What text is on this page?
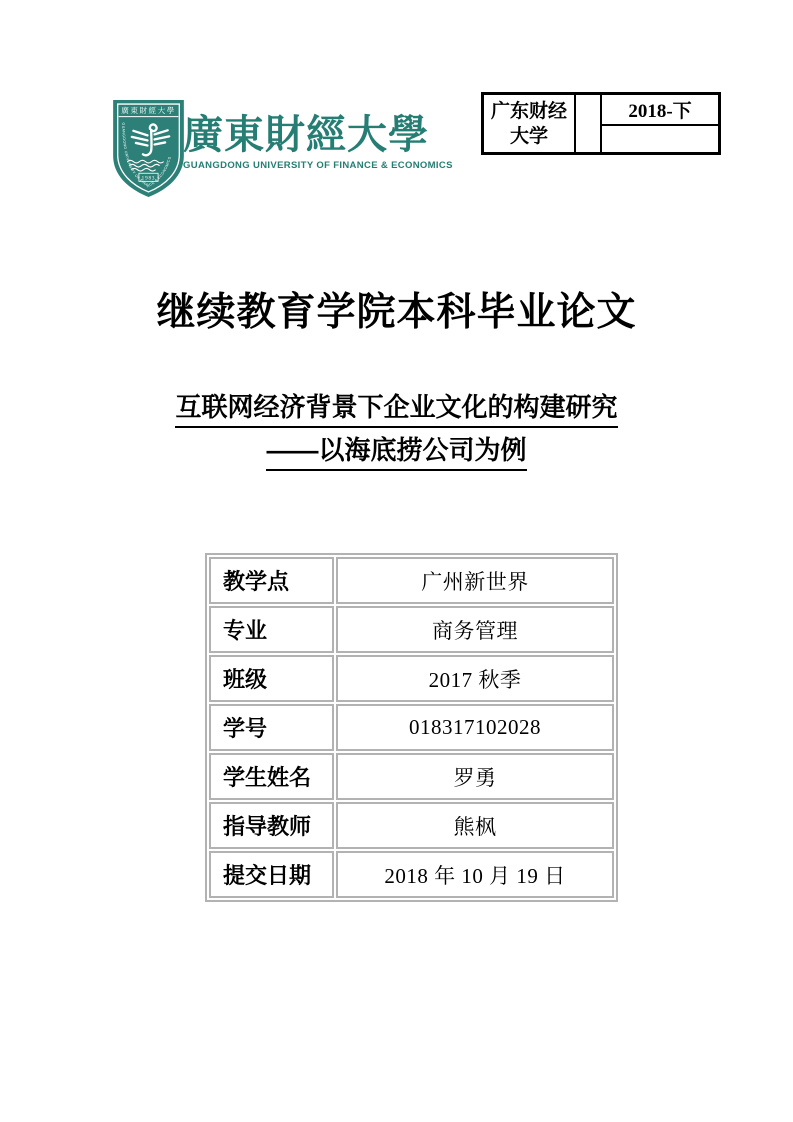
廣東財經大學
GUANGDONG UNIVERSITY OF FINANCE & ECONOMICS
1983
廣東財經大學
GUANGDONG UNIVERSITY OF FINANCE & ECONOMICS
广东财经大学
2018-下
继续教育学院本科毕业论文
互联网经济背景下企业文化的构建研究
——以海底捞公司为例
教学点	广州新世界
专业	商务管理
班级	2017 秋季
学号	018317102028
学生姓名	罗勇
指导教师	熊枫
提交日期	2018 年 10 月 19 日
